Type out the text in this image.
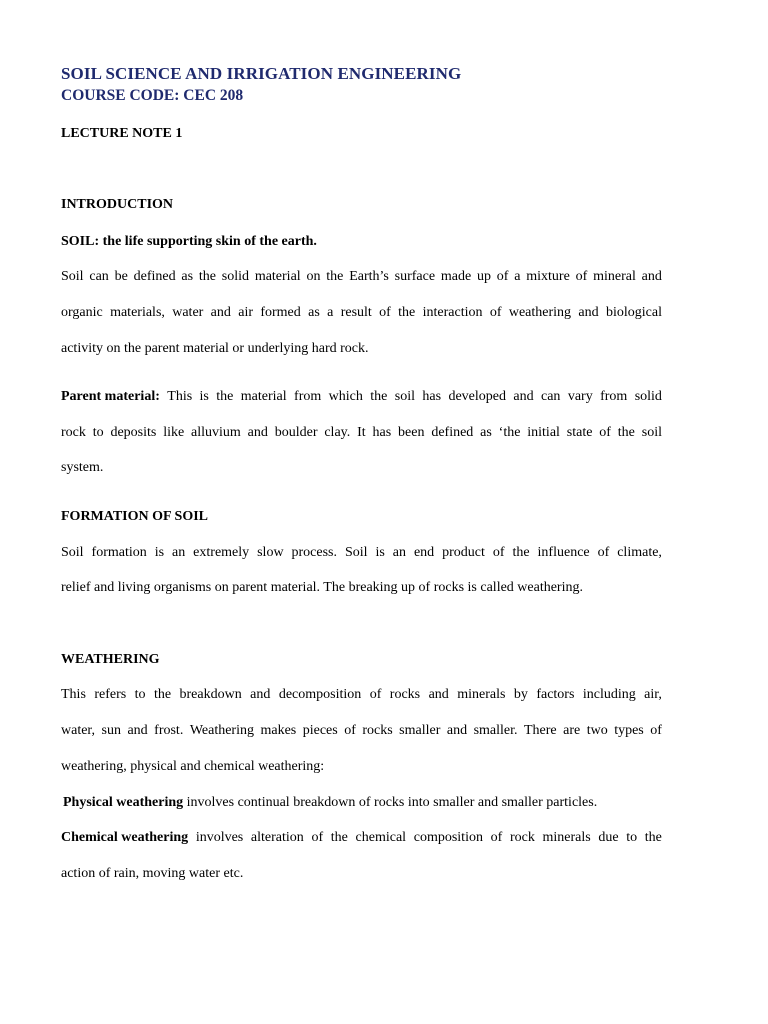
SOIL SCIENCE AND IRRIGATION ENGINEERING
COURSE CODE: CEC 208
LECTURE NOTE 1
INTRODUCTION
SOIL: the life supporting skin of the earth.
Soil can be defined as the solid material on the Earth’s surface made up of a mixture of mineral and
organic materials, water and air formed as a result of the interaction of weathering and biological
activity on the parent material or underlying hard rock.
Parent material: This is the material from which the soil has developed and can vary from solid
rock to deposits like alluvium and boulder clay. It has been defined as ‘the initial state of the soil
system.
FORMATION OF SOIL
Soil formation is an extremely slow process. Soil is an end product of the influence of climate,
relief and living organisms on parent material. The breaking up of rocks is called weathering.
WEATHERING
This refers to the breakdown and decomposition of rocks and minerals by factors including air,
water, sun and frost. Weathering makes pieces of rocks smaller and smaller. There are two types of
weathering, physical and chemical weathering:
Physical weathering involves continual breakdown of rocks into smaller and smaller particles.
Chemical weathering involves alteration of the chemical composition of rock minerals due to the
action of rain, moving water etc.
